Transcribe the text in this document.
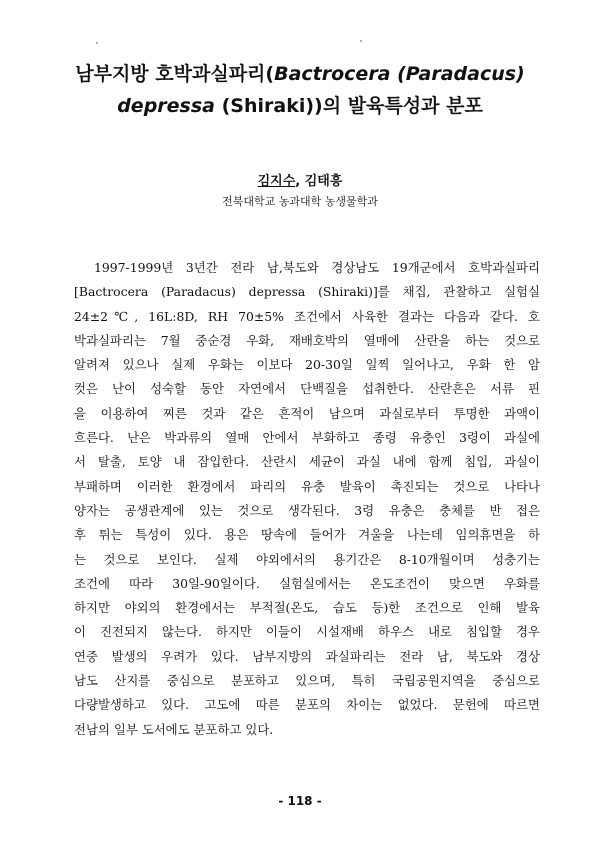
남부지방 호박과실파리(Bactrocera (Paradacus)
depressa (Shiraki))의 발육특성과 분포
김지수, 김태흥
전북대학교 농과대학 농생물학과
1997-1999년 3년간 전라 남,북도와 경상남도 19개군에서 호박과실파리
[Bactrocera (Paradacus) depressa (Shiraki)]를 채집, 관찰하고 실험실
24±2℃, 16L:8D, RH 70±5% 조건에서 사육한 결과는 다음과 같다. 호
박과실파리는 7월 중순경 우화, 재배호박의 열매에 산란을 하는 것으로
알려져 있으나 실제 우화는 이보다 20-30일 일찍 일어나고, 우화 한 암
컷은 난이 성숙할 동안 자연에서 단백질을 섭취한다. 산란흔은 서류 핀
을 이용하여 찌른 것과 같은 흔적이 남으며 과실로부터 투명한 과액이
흐른다. 난은 박과류의 열매 안에서 부화하고 종령 유충인 3령이 과실에
서 탈출, 토양 내 잠입한다. 산란시 세균이 과실 내에 함께 침입, 과실이
부패하며 이러한 환경에서 파리의 유충 발육이 촉진되는 것으로 나타나
양자는 공생관계에 있는 것으로 생각된다. 3령 유충은 충체를 반 접은
후 튀는 특성이 있다. 용은 땅속에 들어가 겨울을 나는데 임의휴면을 하
는 것으로 보인다. 실제 야외에서의 용기간은 8-10개월이며 성충기는
조건에 따라 30일-90일이다. 실험실에서는 온도조건이 맞으면 우화를
하지만 야외의 환경에서는 부적절(온도, 습도 등)한 조건으로 인해 발육
이 진전되지 않는다. 하지만 이들이 시설재배 하우스 내로 침입할 경우
연중 발생의 우려가 있다. 남부지방의 과실파리는 전라 남, 북도와 경상
남도 산지를 중심으로 분포하고 있으며, 특히 국립공원지역을 중심으로
다량발생하고 있다. 고도에 따른 분포의 차이는 없었다. 문헌에 따르면
전남의 일부 도서에도 분포하고 있다.
- 118 -
